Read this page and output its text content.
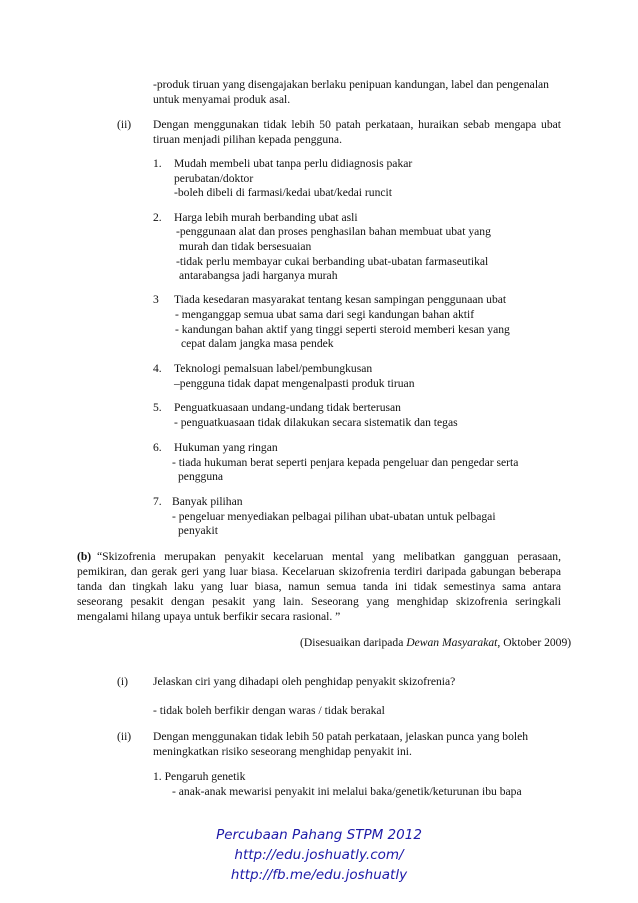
-produk tiruan yang disengajakan berlaku penipuan kandungan, label dan pengenalan
untuk menyamai produk asal.
(ii) Dengan menggunakan tidak lebih 50 patah perkataan, huraikan sebab mengapa ubat
tiruan menjadi pilihan kepada pengguna.
1. Mudah membeli ubat tanpa perlu didiagnosis pakar
perubatan/doktor
-boleh dibeli di farmasi/kedai ubat/kedai runcit
2. Harga lebih murah berbanding ubat asli
-penggunaan alat dan proses penghasilan bahan membuat ubat yang
murah dan tidak bersesuaian
-tidak perlu membayar cukai berbanding ubat-ubatan farmaseutikal
antarabangsa jadi harganya murah
3 Tiada kesedaran masyarakat tentang kesan sampingan penggunaan ubat
- menganggap semua ubat sama dari segi kandungan bahan aktif
- kandungan bahan aktif yang tinggi seperti steroid memberi kesan yang
cepat dalam jangka masa pendek
4. Teknologi pemalsuan label/pembungkusan
–pengguna tidak dapat mengenalpasti produk tiruan
5. Penguatkuasaan undang-undang tidak berterusan
- penguatkuasaan tidak dilakukan secara sistematik dan tegas
6. Hukuman yang ringan
- tiada hukuman berat seperti penjara kepada pengeluar dan pengedar serta
pengguna
7. Banyak pilihan
- pengeluar menyediakan pelbagai pilihan ubat-ubatan untuk pelbagai
penyakit
(b) “Skizofrenia merupakan penyakit kecelaruan mental yang melibatkan gangguan perasaan,
pemikiran, dan gerak geri yang luar biasa. Kecelaruan skizofrenia terdiri daripada gabungan beberapa
tanda dan tingkah laku yang luar biasa, namun semua tanda ini tidak semestinya sama antara
seseorang pesakit dengan pesakit yang lain. Seseorang yang menghidap skizofrenia seringkali
mengalami hilang upaya untuk berfikir secara rasional. ”
(Disesuaikan daripada Dewan Masyarakat, Oktober 2009)
(i) Jelaskan ciri yang dihadapi oleh penghidap penyakit skizofrenia?
- tidak boleh berfikir dengan waras / tidak berakal
(ii) Dengan menggunakan tidak lebih 50 patah perkataan, jelaskan punca yang boleh
meningkatkan risiko seseorang menghidap penyakit ini.
1. Pengaruh genetik
- anak-anak mewarisi penyakit ini melalui baka/genetik/keturunan ibu bapa
Percubaan Pahang STPM 2012
http://edu.joshuatly.com/
http://fb.me/edu.joshuatly
